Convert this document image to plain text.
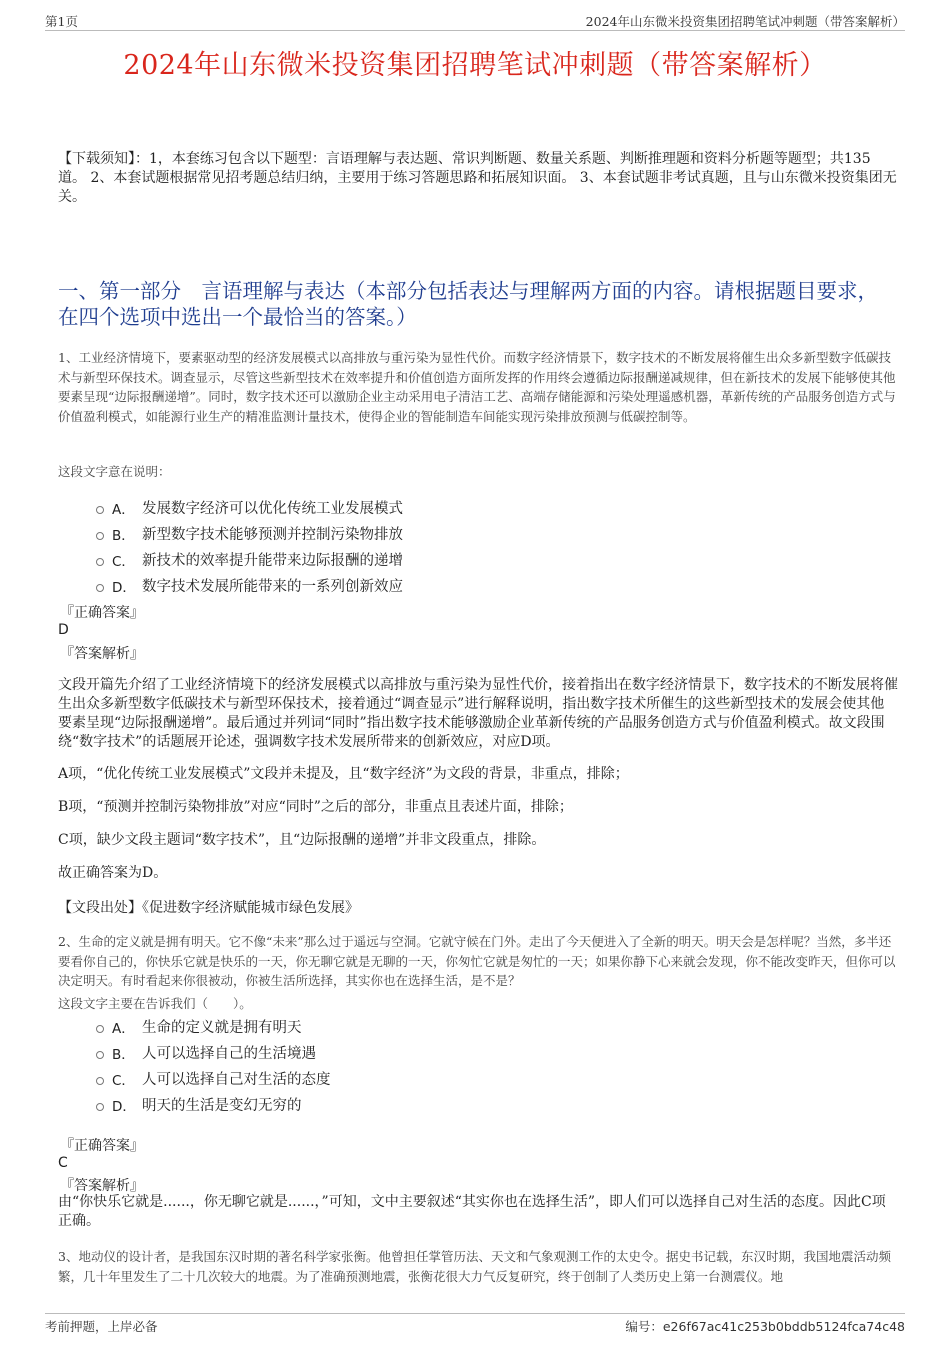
第1页	2024年山东微米投资集团招聘笔试冲刺题（带答案解析）
2024年山东微米投资集团招聘笔试冲刺题（带答案解析）
【下载须知】：1，本套练习包含以下题型：言语理解与表达题、常识判断题、数量关系题、判断推理题和资料分析题等题型；共135道。 2、本套试题根据常见招考题总结归纳，主要用于练习答题思路和拓展知识面。 3、本套试题非考试真题，且与山东微米投资集团无关。
一、第一部分　言语理解与表达（本部分包括表达与理解两方面的内容。请根据题目要求，在四个选项中选出一个最恰当的答案。）
1、工业经济情境下，要素驱动型的经济发展模式以高排放与重污染为显性代价。而数字经济情景下，数字技术的不断发展将催生出众多新型数字低碳技术与新型环保技术。调查显示，尽管这些新型技术在效率提升和价值创造方面所发挥的作用终会遵循边际报酬递减规律，但在新技术的发展下能够使其他要素呈现“边际报酬递增”。同时，数字技术还可以激励企业主动采用电子清洁工艺、高端存储能源和污染处理遥感机器，革新传统的产品服务创造方式与价值盈利模式，如能源行业生产的精准监测计量技术，使得企业的智能制造车间能实现污染排放预测与低碳控制等。
这段文字意在说明：
A． 发展数字经济可以优化传统工业发展模式
B． 新型数字技术能够预测并控制污染物排放
C． 新技术的效率提升能带来边际报酬的递增
D． 数字技术发展所能带来的一系列创新效应
『正确答案』
D
『答案解析』
文段开篇先介绍了工业经济情境下的经济发展模式以高排放与重污染为显性代价，接着指出在数字经济情景下，数字技术的不断发展将催生出众多新型数字低碳技术与新型环保技术，接着通过“调查显示”进行解释说明，指出数字技术所催生的这些新型技术的发展会使其他要素呈现“边际报酬递增”。最后通过并列词“同时”指出数字技术能够激励企业革新传统的产品服务创造方式与价值盈利模式。故文段围绕“数字技术”的话题展开论述，强调数字技术发展所带来的创新效应，对应D项。
A项，“优化传统工业发展模式”文段并未提及，且“数字经济”为文段的背景，非重点，排除；
B项，“预测并控制污染物排放”对应“同时”之后的部分，非重点且表述片面，排除；
C项，缺少文段主题词“数字技术”，且“边际报酬的递增”并非文段重点，排除。
故正确答案为D。
【文段出处】《促进数字经济赋能城市绿色发展》
2、生命的定义就是拥有明天。它不像“未来”那么过于遥远与空洞。它就守候在门外。走出了今天便进入了全新的明天。明天会是怎样呢？当然，多半还要看你自己的，你快乐它就是快乐的一天，你无聊它就是无聊的一天，你匆忙它就是匆忙的一天；如果你静下心来就会发现，你不能改变昨天，但你可以决定明天。有时看起来你很被动，你被生活所选择，其实你也在选择生活，是不是？
这段文字主要在告诉我们（　　）。
A． 生命的定义就是拥有明天
B． 人可以选择自己的生活境遇
C． 人可以选择自己对生活的态度
D． 明天的生活是变幻无穷的
『正确答案』
C
『答案解析』
由“你快乐它就是......，你无聊它就是......，”可知，文中主要叙述“其实你也在选择生活”，即人们可以选择自己对生活的态度。因此C项正确。
3、地动仪的设计者，是我国东汉时期的著名科学家张衡。他曾担任掌管历法、天文和气象观测工作的太史令。据史书记载，东汉时期，我国地震活动频繁，几十年里发生了二十几次较大的地震。为了准确预测地震，张衡花很大力气反复研究，终于创制了人类历史上第一台测震仪。地
考前押题，上岸必备	编号：e26f67ac41c253b0bddb5124fca74c48
